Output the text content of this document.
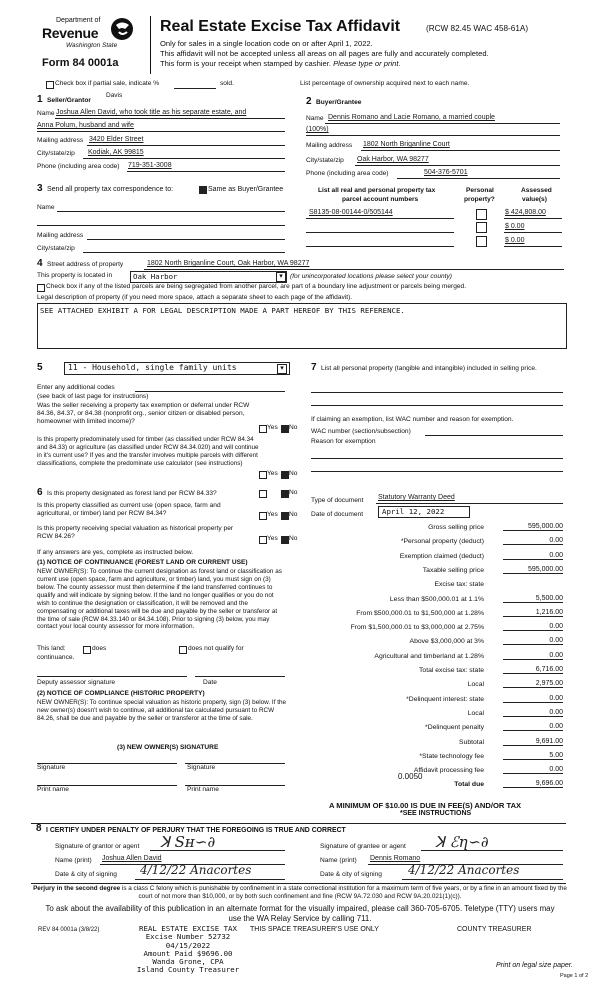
Department of
Revenue
Washington State
Form 84 0001a
Real Estate Excise Tax Affidavit	(RCW 82.45 WAC 458-61A)
Only for sales in a single location code on or after April 1, 2022.
This affidavit will not be accepted unless all areas on all pages are fully and accurately completed.
This form is your receipt when stamped by cashier. Please type or print.
Check box if partial sale, indicate %	sold.	List percentage of ownership acquired next to each name.
1 Seller/Grantor
Davis
Name Joshua Allen David, who took title as his separate estate, and
Anna Polum, husband and wife
Mailing address 3420 Elder Street
City/state/zip Kodiak, AK 99815
Phone (including area code) 719-351-3008
2 Buyer/Grantee
Name Dennis Romano and Lacie Romano, a married couple
(100%)
Mailing address 1802 North Briganline Court
City/state/zip Oak Harbor, WA 98277
Phone (including area code)	504-376-5701
3 Send all property tax correspondence to:	Same as Buyer/Grantee
Name
Mailing address
City/state/zip
List all real and personal property tax
parcel account numbers
Personal
property?
Assessed
value(s)
S8135-08-00144-0/505144	$ 424,808.00
$ 0.00
$ 0.00
4 Street address of property	1802 North Briganline Court, Oak Harbor, WA 98277
This property is located in	Oak Harbor	▾	(for unincorporated locations please select your county)
Check box if any of the listed parcels are being segregated from another parcel, are part of a boundary line adjustment or parcels being merged.
Legal description of property (if you need more space, attach a separate sheet to each page of the affidavit).
SEE ATTACHED EXHIBIT A FOR LEGAL DESCRIPTION MADE A PART HEREOF BY THIS REFERENCE.
5	11 - Household, single family units	▾
Enter any additional codes
(see back of last page for instructions)
Was the seller receiving a property tax exemption or deferral under RCW 84.36, 84.37, or 84.38 (nonprofit org., senior citizen or disabled person, homeowner with limited income)?
Yes No
Is this property predominately used for timber (as classified under RCW 84.34 and 84.33) or agriculture (as classified under RCW 84.34.020) and will continue in it's current use? If yes and the transfer involves multiple parcels with different classifications, complete the predominate use calculator (see instructions)
Yes No
6 Is this property designated as forest land per RCW 84.33?	No
Is this property classified as current use (open space, farm and agricultural, or timber) land per RCW 84.34?	Yes No
Is this property receiving special valuation as historical property per RCW 84.26?	Yes No
If any answers are yes, complete as instructed below.
(1) NOTICE OF CONTINUANCE (FOREST LAND OR CURRENT USE)
NEW OWNER(S): To continue the current designation as forest land or classification as current use (open space, farm and agriculture, or timber) land, you must sign on (3) below. The county assessor must then determine if the land transferred continues to qualify and will indicate by signing below. If the land no longer qualifies or you do not wish to continue the designation or classification, it will be removed and the compensating or additional taxes will be due and payable by the seller or transferor at the time of sale (RCW 84.33.140 or 84.34.108). Prior to signing (3) below, you may contact your local county assessor for more information.
This land:	does	does not qualify for
continuance.
Deputy assessor signature	Date
(2) NOTICE OF COMPLIANCE (HISTORIC PROPERTY)
NEW OWNER(S): To continue special valuation as historic property, sign (3) below. If the new owner(s) doesn't wish to continue, all additional tax calculated pursuant to RCW 84.26, shall be due and payable by the seller or transferor at the time of sale.
(3) NEW OWNER(S) SIGNATURE
Signature	Signature
Print name	Print name
7 List all personal property (tangible and intangible) included in selling price.
If claiming an exemption, list WAC number and reason for exemption.
WAC number (section/subsection)
Reason for exemption
Type of document Statutory Warranty Deed
Date of document	April 12, 2022
Gross selling price	595,000.00
*Personal property (deduct)	0.00
Exemption claimed (deduct)	0.00
Taxable selling price	595,000.00
Excise tax: state
Less than $500,000.01 at 1.1%	5,500.00
From $500,000.01 to $1,500,000 at 1.28%	1,216.00
From $1,500,000.01 to $3,000,000 at 2.75%	0.00
Above $3,000,000 at 3%	0.00
Agricultural and timberland at 1.28%	0.00
Total excise tax: state	6,716.00
Local	2,975.00
*Delinquent interest: state	0.00
Local	0.00
*Delinquent penalty	0.00
Subtotal	9,691.00
*State technology fee	5.00
Affidavit processing fee	0.00
Total due	9,696.00
0.0050
A MINIMUM OF $10.00 IS DUE IN FEE(S) AND/OR TAX
*SEE INSTRUCTIONS
8 I CERTIFY UNDER PENALTY OF PERJURY THAT THE FOREGOING IS TRUE AND CORRECT
Signature of grantor or agent ꓘ Ѕʜ∽∂
Name (print) Joshua Allen David
Date & city of signing 4/12/22 Anacortes
Signature of grantee or agent ꓘ ℰƞ∽∂
Name (print) Dennis Romano
Date & city of signing 4/12/22 Anacortes
Perjury in the second degree is a class C felony which is punishable by confinement in a state correctional institution for a maximum term of five years, or by a fine in an amount fixed by the court of not more than $10,000, or by both such confinement and fine (RCW 9A.72.030 and RCW 9A.20.021(1)(c)).
To ask about the availability of this publication in an alternate format for the visually impaired, please call 360-705-6705. Teletype (TTY) users may use the WA Relay Service by calling 711.
REV 84 0001a (3/8/22)	THIS SPACE TREASURER'S USE ONLY	COUNTY TREASURER
REAL ESTATE EXCISE TAX
Excise Number 52732
04/15/2022
Amount Paid $9696.00
Wanda Grone, CPA
Island County Treasurer	Print on legal size paper.
Page 1 of 2
